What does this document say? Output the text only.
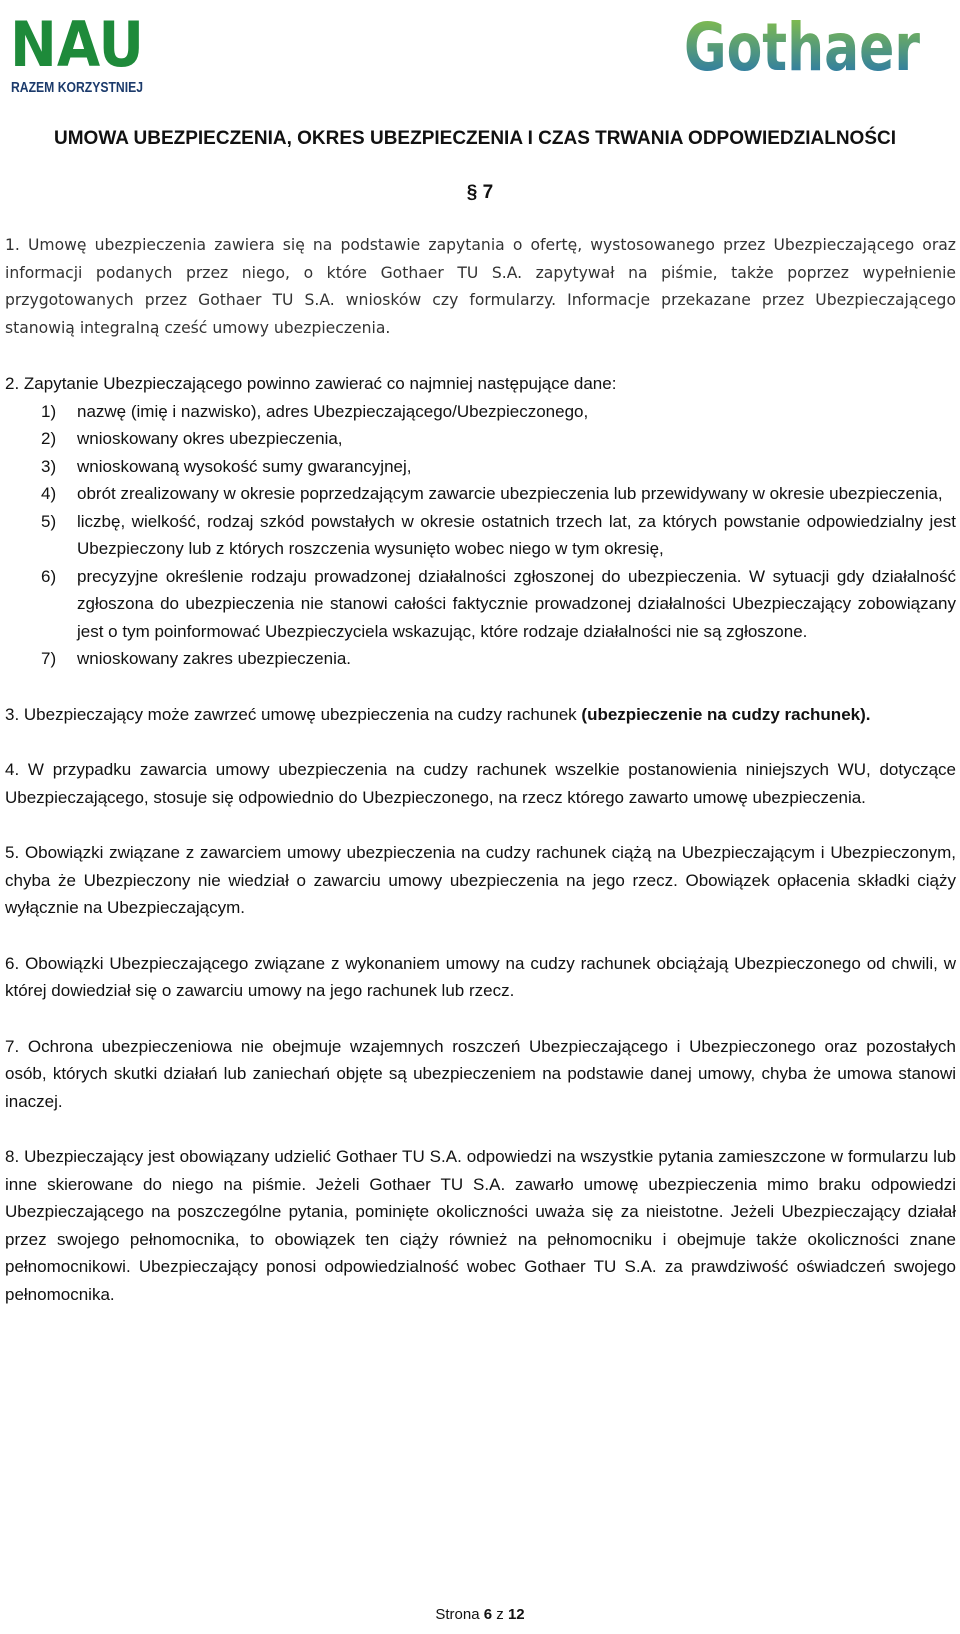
NAU
RAZEM KORZYSTNIEJ
Gothaer
UMOWA UBEZPIECZENIA, OKRES UBEZPIECZENIA I CZAS TRWANIA ODPOWIEDZIALNOŚCI
§ 7

1. Umowę ubezpieczenia zawiera się na podstawie zapytania o ofertę, wystosowanego przez Ubezpieczającego oraz informacji podanych przez niego, o które Gothaer TU S.A. zapytywał na piśmie, także poprzez wypełnienie przygotowanych przez Gothaer TU S.A. wniosków czy formularzy. Informacje przekazane przez Ubezpieczającego stanowią integralną cześć umowy ubezpieczenia.

2. Zapytanie Ubezpieczającego powinno zawierać co najmniej następujące dane:
1) nazwę (imię i nazwisko), adres Ubezpieczającego/Ubezpieczonego,
2) wnioskowany okres ubezpieczenia,
3) wnioskowaną wysokość sumy gwarancyjnej,
4) obrót zrealizowany w okresie poprzedzającym zawarcie ubezpieczenia lub przewidywany w okresie ubezpieczenia,
5) liczbę, wielkość, rodzaj szkód powstałych w okresie ostatnich trzech lat, za których powstanie odpowiedzialny jest Ubezpieczony lub z których roszczenia wysunięto wobec niego w tym okresię,
6) precyzyjne określenie rodzaju prowadzonej działalności zgłoszonej do ubezpieczenia. W sytuacji gdy działalność zgłoszona do ubezpieczenia nie stanowi całości faktycznie prowadzonej działalności Ubezpieczający zobowiązany jest o tym poinformować Ubezpieczyciela wskazując, które rodzaje działalności nie są zgłoszone.
7) wnioskowany zakres ubezpieczenia.

3. Ubezpieczający może zawrzeć umowę ubezpieczenia na cudzy rachunek (ubezpieczenie na cudzy rachunek).

4. W przypadku zawarcia umowy ubezpieczenia na cudzy rachunek wszelkie postanowienia niniejszych WU, dotyczące Ubezpieczającego, stosuje się odpowiednio do Ubezpieczonego, na rzecz którego zawarto umowę ubezpieczenia.

5. Obowiązki związane z zawarciem umowy ubezpieczenia na cudzy rachunek ciążą na Ubezpieczającym i Ubezpieczonym, chyba że Ubezpieczony nie wiedział o zawarciu umowy ubezpieczenia na jego rzecz. Obowiązek opłacenia składki ciąży wyłącznie na Ubezpieczającym.

6. Obowiązki Ubezpieczającego związane z wykonaniem umowy na cudzy rachunek obciążają Ubezpieczonego od chwili, w której dowiedział się o zawarciu umowy na jego rachunek lub rzecz.

7. Ochrona ubezpieczeniowa nie obejmuje wzajemnych roszczeń Ubezpieczającego i Ubezpieczonego oraz pozostałych osób, których skutki działań lub zaniechań objęte są ubezpieczeniem na podstawie danej umowy, chyba że umowa stanowi inaczej.

8. Ubezpieczający jest obowiązany udzielić Gothaer TU S.A. odpowiedzi na wszystkie pytania zamieszczone w formularzu lub inne skierowane do niego na piśmie. Jeżeli Gothaer TU S.A. zawarło umowę ubezpieczenia mimo braku odpowiedzi Ubezpieczającego na poszczególne pytania, pominięte okoliczności uważa się za nieistotne. Jeżeli Ubezpieczający działał przez swojego pełnomocnika, to obowiązek ten ciąży również na pełnomocniku i obejmuje także okoliczności znane pełnomocnikowi. Ubezpieczający ponosi odpowiedzialność wobec Gothaer TU S.A. za prawdziwość oświadczeń swojego pełnomocnika.

Strona 6 z 12
